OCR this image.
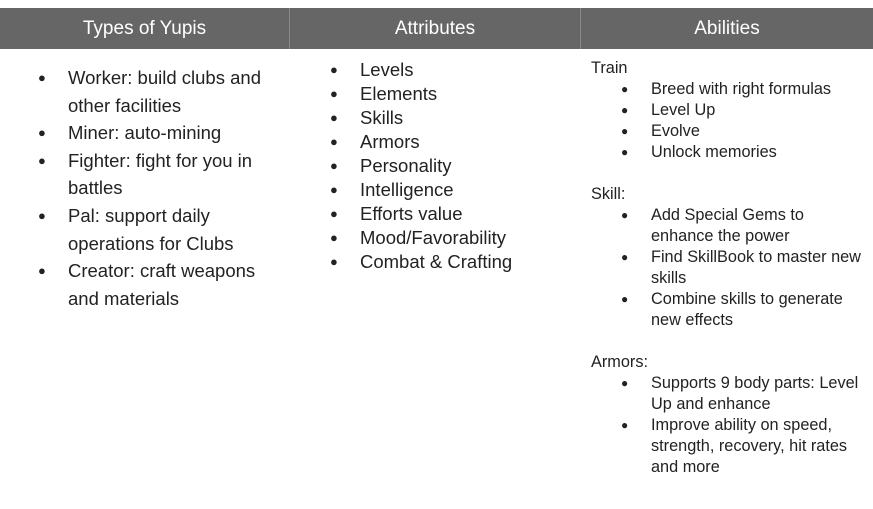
Types of Yupis	Attributes	Abilities
● Worker: build clubs and other facilities
● Miner: auto-mining
● Fighter: fight for you in battles
● Pal: support daily operations for Clubs
● Creator: craft weapons and materials
● Levels
● Elements
● Skills
● Armors
● Personality
● Intelligence
● Efforts value
● Mood/Favorability
● Combat & Crafting
Train
● Breed with right formulas
● Level Up
● Evolve
● Unlock memories
Skill:
● Add Special Gems to enhance the power
● Find SkillBook to master new skills
● Combine skills to generate new effects
Armors:
● Supports 9 body parts: Level Up and enhance
● Improve ability on speed, strength, recovery, hit rates and more
